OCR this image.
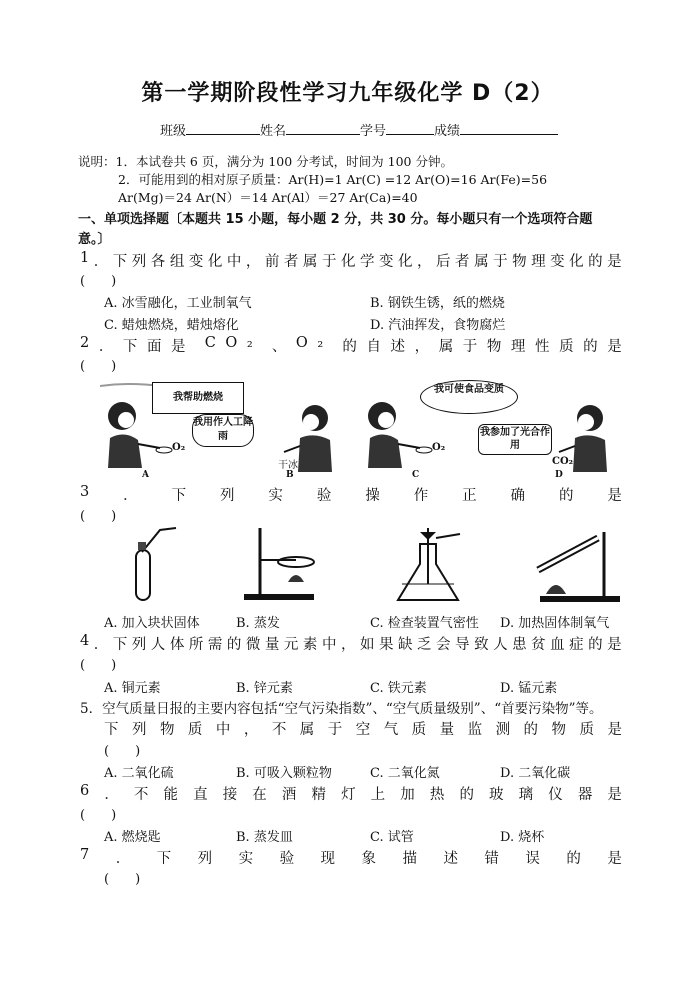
第一学期阶段性学习九年级化学 D（2）
班级	姓名	学号	成绩
说明：1．本试卷共 6 页，满分为 100 分考试，时间为 100 分钟。
2．可能用到的相对原子质量：Ar(H)=1 Ar(C) =12 Ar(O)=16 Ar(Fe)=56
Ar(Mg)＝24 Ar(N）＝14 Ar(Al）＝27 Ar(Ca)=40
一、单项选择题〔本题共 15 小题，每小题 2 分，共 30 分。每小题只有一个选项符合题
意。〕
1 ． 下 列 各 组 变 化 中 ， 前 者 属 于 化 学 变 化 ， 后 者 属 于 物 理 变 化 的 是
(　　)
A. 冰雪融化，工业制氧气	B. 钢铁生锈，纸的燃烧
C. 蜡烛燃烧，蜡烛熔化	D. 汽油挥发，食物腐烂
2 ． 下 面 是 C O ₂ 、 O ₂ 的 自 述 ， 属 于 物 理 性 质 的 是
(　　)
我帮助燃烧
我用作人工降雨
我可使食品变质
我参加了光合作用
O₂
干冰
O₂
CO₂
A	B	C	D
3 ． 下 列 实 验 操 作 正 确 的 是
(　　)
A. 加入块状固体	B. 蒸发	C. 检查装置气密性 D. 加热固体制氧气
4 ． 下 列 人 体 所 需 的 微 量 元 素 中 ， 如 果 缺 乏 会 导 致 人 患 贫 血 症 的 是
(　　)
A. 铜元素	B. 锌元素	C. 铁元素	D. 锰元素
5．空气质量日报的主要内容包括“空气污染指数”、“空气质量级别”、“首要污染物”等。
下 列 物 质 中 ， 不 属 于 空 气 质 量 监 测 的 物 质 是
(　　)
A. 二氧化硫	B. 可吸入颗粒物	C. 二氧化氮	D. 二氧化碳
6 ． 不 能 直 接 在 酒 精 灯 上 加 热 的 玻 璃 仪 器 是
(　　)
A. 燃烧匙	B. 蒸发皿	C. 试管	D. 烧杯
7 ． 下 列 实 验 现 象 描 述 错 误 的 是
(　　)
